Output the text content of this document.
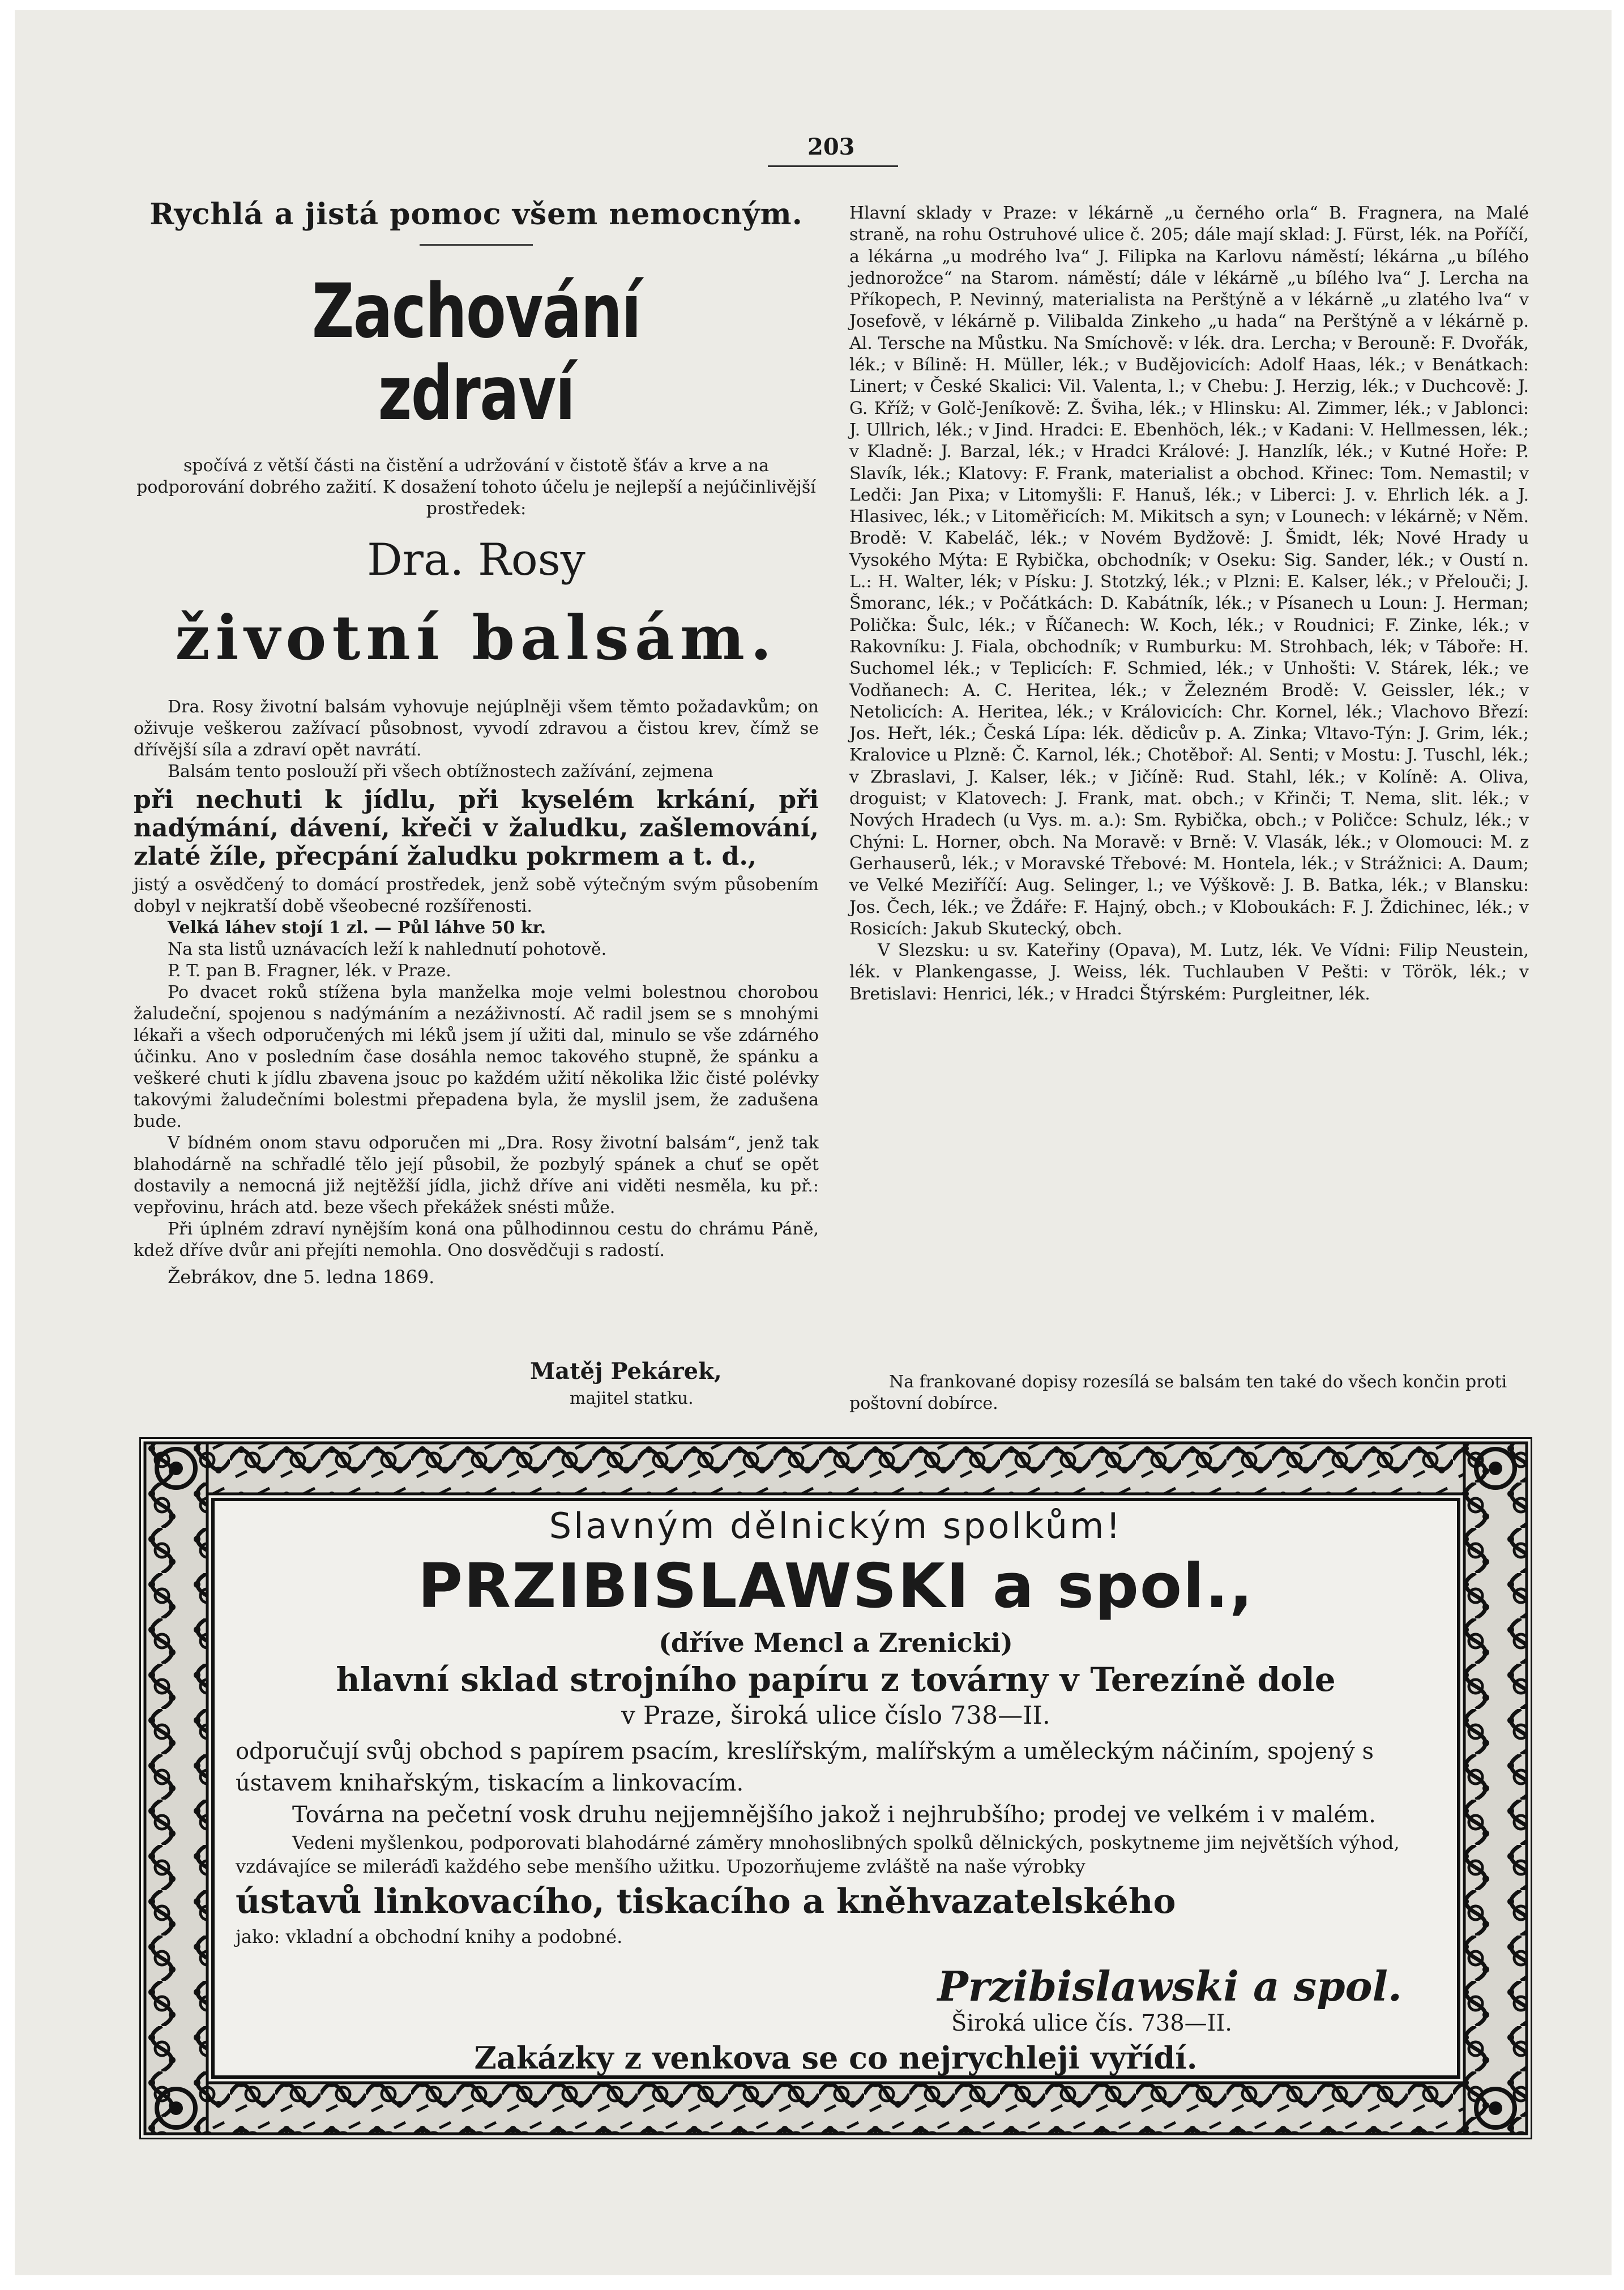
203

Rychlá a jistá pomoc všem nemocným.

Zachování zdraví

spočívá z větší části na čistění a udržování v čistotě šťáv a krve a na podporování dobrého zažití. K dosažení tohoto účelu je nejlepší a nejúčinlivější prostředek:

Dra. Rosy

životní balsám.

Dra. Rosy životní balsám vyhovuje nejúplněji všem těmto požadavkům; on oživuje veškerou zažívací působnost, vyvodí zdravou a čistou krev, čímž se dřívější síla a zdraví opět navrátí.

Balsám tento poslouží při všech obtížnostech zažívání, zejmena

při nechuti k jídlu, při kyselém krkání, při nadýmání, dávení, křeči v žaludku, zašlemování, zlaté žíle, přecpání žaludku pokrmem a t. d.,

jistý a osvědčený to domácí prostředek, jenž sobě výtečným svým působením dobyl v nejkratší době všeobecné rozšířenosti.

Velká láhev stojí 1 zl. — Půl láhve 50 kr.

Na sta listů uznávacích leží k nahlednutí pohotově.

P. T. pan B. Fragner, lék. v Praze.

Po dvacet roků stížena byla manželka moje velmi bolestnou chorobou žaludeční, spojenou s nadýmáním a nezáživností. Ač radil jsem se s mnohými lékaři a všech odporučených mi léků jsem jí užiti dal, minulo se vše zdárného účinku. Ano v posledním čase dosáhla nemoc takového stupně, že spánku a veškeré chuti k jídlu zbavena jsouc po každém užití několika lžic čisté polévky takovými žaludečními bolestmi přepadena byla, že myslil jsem, že zadušena bude.

V bídném onom stavu odporučen mi „Dra. Rosy životní balsám“, jenž tak blahodárně na schřadlé tělo její působil, že pozbylý spánek a chuť se opět dostavily a nemocná již nejtěžší jídla, jichž dříve ani viděti nesměla, ku př.: vepřovinu, hrách atd. beze všech překážek snésti může.

Při úplném zdraví nynějším koná ona půlhodinnou cestu do chrámu Páně, kdež dříve dvůr ani přejíti nemohla. Ono dosvědčuji s radostí.

Žebrákov, dne 5. ledna 1869.

Matěj Pekárek,
majitel statku.

Hlavní sklady v Praze: v lékárně „u černého orla“ B. Fragnera, na Malé straně, na rohu Ostruhové ulice č. 205; dále mají sklad: J. Fürst, lék. na Poříčí, a lékárna „u modrého lva“ J. Filipka na Karlovu náměstí; lékárna „u bílého jednorožce“ na Starom. náměstí; dále v lékárně „u bílého lva“ J. Lercha na Příkopech, P. Nevinný, materialista na Perštýně a v lékárně „u zlatého lva“ v Josefově, v lékárně p. Vilibalda Zinkeho „u hada“ na Perštýně a v lékárně p. Al. Tersche na Můstku. Na Smíchově: v lék. dra. Lercha; v Berouně: F. Dvořák, lék.; v Bílině: H. Müller, lék.; v Budějovicích: Adolf Haas, lék.; v Benátkach: Linert; v České Skalici: Vil. Valenta, l.; v Chebu: J. Herzig, lék.; v Duchcově: J. G. Kříž; v Golč-Jeníkově: Z. Šviha, lék.; v Hlinsku: Al. Zimmer, lék.; v Jablonci: J. Ullrich, lék.; v Jind. Hradci: E. Ebenhöch, lék.; v Kadani: V. Hellmessen, lék.; v Kladně: J. Barzal, lék.; v Hradci Králové: J. Hanzlík, lék.; v Kutné Hoře: P. Slavík, lék.; Klatovy: F. Frank, materialist a obchod. Křinec: Tom. Nemastil; v Ledči: Jan Pixa; v Litomyšli: F. Hanuš, lék.; v Liberci: J. v. Ehrlich lék. a J. Hlasivec, lék.; v Litoměřicích: M. Mikitsch a syn; v Lounech: v lékárně; v Něm. Brodě: V. Kabeláč, lék.; v Novém Bydžově: J. Šmidt, lék; Nové Hrady u Vysokého Mýta: E Rybička, obchodník; v Oseku: Sig. Sander, lék.; v Oustí n. L.: H. Walter, lék; v Písku: J. Stotzký, lék.; v Plzni: E. Kalser, lék.; v Přelouči; J. Šmoranc, lék.; v Počátkách: D. Kabátník, lék.; v Písanech u Loun: J. Herman; Polička: Šulc, lék.; v Říčanech: W. Koch, lék.; v Roudnici; F. Zinke, lék.; v Rakovníku: J. Fiala, obchodník; v Rumburku: M. Strohbach, lék; v Táboře: H. Suchomel lék.; v Teplicích: F. Schmied, lék.; v Unhošti: V. Stárek, lék.; ve Vodňanech: A. C. Heritea, lék.; v Železném Brodě: V. Geissler, lék.; v Netolicích: A. Heritea, lék.; v Královicích: Chr. Kornel, lék.; Vlachovo Březí: Jos. Heřt, lék.; Česká Lípa: lék. dědicův p. A. Zinka; Vltavo-Týn: J. Grim, lék.; Kralovice u Plzně: Č. Karnol, lék.; Chotěboř: Al. Senti; v Mostu: J. Tuschl, lék.; v Zbraslavi, J. Kalser, lék.; v Jičíně: Rud. Stahl, lék.; v Kolíně: A. Oliva, droguist; v Klatovech: J. Frank, mat. obch.; v Křinči; T. Nema, slit. lék.; v Nových Hradech (u Vys. m. a.): Sm. Rybička, obch.; v Poličce: Schulz, lék.; v Chýni: L. Horner, obch. Na Moravě: v Brně: V. Vlasák, lék.; v Olomouci: M. z Gerhauserů, lék.; v Moravské Třebové: M. Hontela, lék.; v Strážnici: A. Daum; ve Velké Meziříčí: Aug. Selinger, l.; ve Výškově: J. B. Batka, lék.; v Blansku: Jos. Čech, lék.; ve Ždáře: F. Hajný, obch.; v Kloboukách: F. J. Ždichinec, lék.; v Rosicích: Jakub Skutecký, obch.

V Slezsku: u sv. Kateřiny (Opava), M. Lutz, lék. Ve Vídni: Filip Neustein, lék. v Plankengasse, J. Weiss, lék. Tuchlauben V Pešti: v Török, lék.; v Bretislavi: Henrici, lék.; v Hradci Štýrském: Purgleitner, lék.

Na frankované dopisy rozesílá se balsám ten také do všech končin proti poštovní dobírce.

Slavným dělnickým spolkům!

PRZIBISLAWSKI a spol.,

(dříve Mencl a Zrenicki)

hlavní sklad strojního papíru z továrny v Terezíně dole

v Praze, široká ulice číslo 738—II.

odporučují svůj obchod s papírem psacím, kreslířským, malířským a uměleckým náčiním, spojený s ústavem knihařským, tiskacím a linkovacím.

Továrna na pečetní vosk druhu nejjemnějšího jakož i nejhrubšího; prodej ve velkém i v malém.

Vedeni myšlenkou, podporovati blahodárné záměry mnohoslibných spolků dělnických, poskytneme jim největších výhod, vzdávajíce se mileráďi každého sebe menšího užitku. Upozorňujeme zvláště na naše výrobky

ústavů linkovacího, tiskacího a kněhvazatelského

jako: vkladní a obchodní knihy a podobné.

Przibislawski a spol.

Široká ulice čís. 738—II.

Zakázky z venkova se co nejrychleji vyřídí.
